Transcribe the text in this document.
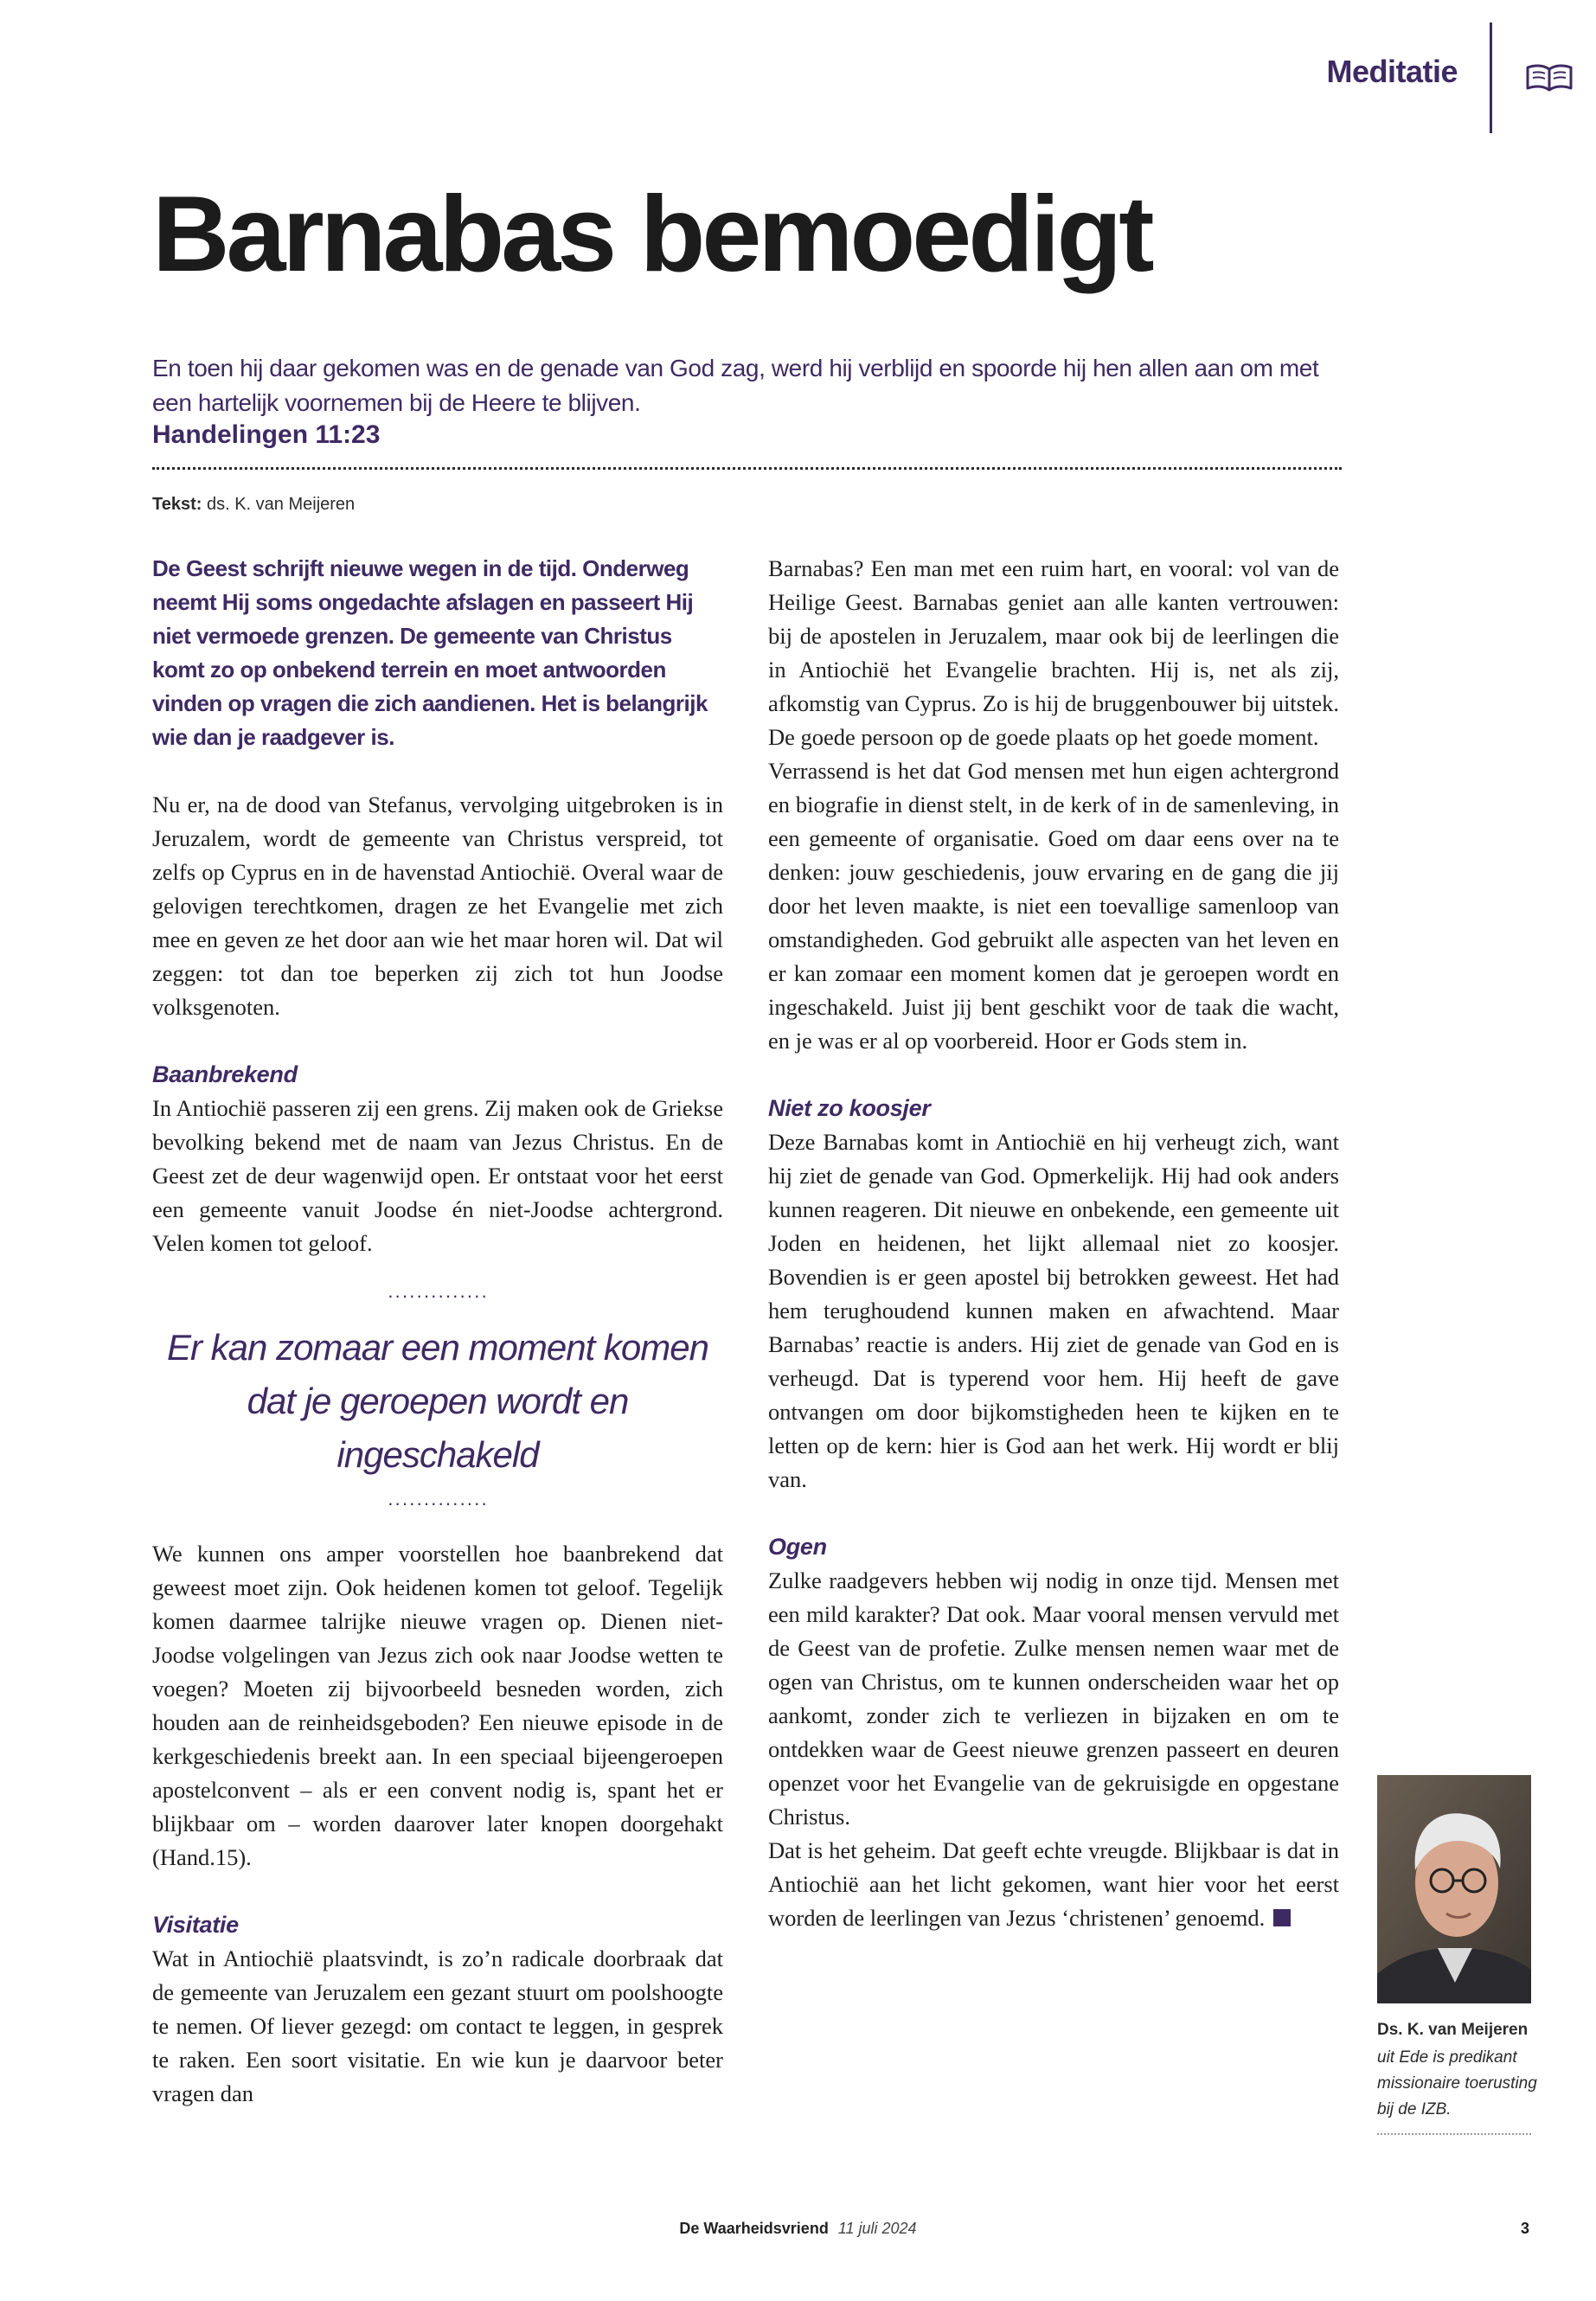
Meditatie
Barnabas bemoedigt
En toen hij daar gekomen was en de genade van God zag, werd hij verblijd en spoorde hij hen allen aan om met een hartelijk voornemen bij de Heere te blijven.
Handelingen 11:23
Tekst: ds. K. van Meijeren

De Geest schrijft nieuwe wegen in de tijd. Onderweg neemt Hij soms ongedachte afslagen en passeert Hij niet vermoede grenzen. De gemeente van Christus komt zo op onbekend terrein en moet antwoorden vinden op vragen die zich aandienen. Het is belangrijk wie dan je raadgever is.

Nu er, na de dood van Stefanus, vervolging uitgebroken is in Jeruzalem, wordt de gemeente van Christus verspreid, tot zelfs op Cyprus en in de havenstad Antiochië. Overal waar de gelovigen terechtkomen, dragen ze het Evangelie met zich mee en geven ze het door aan wie het maar horen wil. Dat wil zeggen: tot dan toe beperken zij zich tot hun Joodse volksgenoten.

Baanbrekend

In Antiochië passeren zij een grens. Zij maken ook de Griekse bevolking bekend met de naam van Jezus Christus. En de Geest zet de deur wagenwijd open. Er ontstaat voor het eerst een gemeente vanuit Joodse én niet-Joodse achtergrond. Velen komen tot geloof.

··············
Er kan zomaar een moment komen dat je geroepen wordt en ingeschakeld
··············

We kunnen ons amper voorstellen hoe baanbrekend dat geweest moet zijn. Ook heidenen komen tot geloof. Tegelijk komen daarmee talrijke nieuwe vragen op. Dienen niet-Joodse volgelingen van Jezus zich ook naar Joodse wetten te voegen? Moeten zij bijvoorbeeld besneden worden, zich houden aan de reinheidsgeboden? Een nieuwe episode in de kerkgeschiedenis breekt aan. In een speciaal bijeengeroepen apostelconvent – als er een convent nodig is, spant het er blijkbaar om – worden daarover later knopen doorgehakt (Hand.15).

Visitatie

Wat in Antiochië plaatsvindt, is zo’n radicale doorbraak dat de gemeente van Jeruzalem een gezant stuurt om poolshoogte te nemen. Of liever gezegd: om contact te leggen, in gesprek te raken. Een soort visitatie. En wie kun je daarvoor beter vragen dan

Barnabas? Een man met een ruim hart, en vooral: vol van de Heilige Geest. Barnabas geniet aan alle kanten vertrouwen: bij de apostelen in Jeruzalem, maar ook bij de leerlingen die in Antiochië het Evangelie brachten. Hij is, net als zij, afkomstig van Cyprus. Zo is hij de bruggenbouwer bij uitstek. De goede persoon op de goede plaats op het goede moment.

Verrassend is het dat God mensen met hun eigen achtergrond en biografie in dienst stelt, in de kerk of in de samenleving, in een gemeente of organisatie. Goed om daar eens over na te denken: jouw geschiedenis, jouw ervaring en de gang die jij door het leven maakte, is niet een toevallige samenloop van omstandigheden. God gebruikt alle aspecten van het leven en er kan zomaar een moment komen dat je geroepen wordt en ingeschakeld. Juist jij bent geschikt voor de taak die wacht, en je was er al op voorbereid. Hoor er Gods stem in.

Niet zo koosjer

Deze Barnabas komt in Antiochië en hij verheugt zich, want hij ziet de genade van God. Opmerkelijk. Hij had ook anders kunnen reageren. Dit nieuwe en onbekende, een gemeente uit Joden en heidenen, het lijkt allemaal niet zo koosjer. Bovendien is er geen apostel bij betrokken geweest. Het had hem terughoudend kunnen maken en afwachtend. Maar Barnabas’ reactie is anders. Hij ziet de genade van God en is verheugd. Dat is typerend voor hem. Hij heeft de gave ontvangen om door bijkomstigheden heen te kijken en te letten op de kern: hier is God aan het werk. Hij wordt er blij van.

Ogen

Zulke raadgevers hebben wij nodig in onze tijd. Mensen met een mild karakter? Dat ook. Maar vooral mensen vervuld met de Geest van de profetie. Zulke mensen nemen waar met de ogen van Christus, om te kunnen onderscheiden waar het op aankomt, zonder zich te verliezen in bijzaken en om te ontdekken waar de Geest nieuwe grenzen passeert en deuren openzet voor het Evangelie van de gekruisigde en opgestane Christus.

Dat is het geheim. Dat geeft echte vreugde. Blijkbaar is dat in Antiochië aan het licht gekomen, want hier voor het eerst worden de leerlingen van Jezus ‘christenen’ genoemd.

Ds. K. van Meijeren
uit Ede is predikant missionaire toerusting bij de IZB.
De Waarheidsvriend 11 juli 2024	3
